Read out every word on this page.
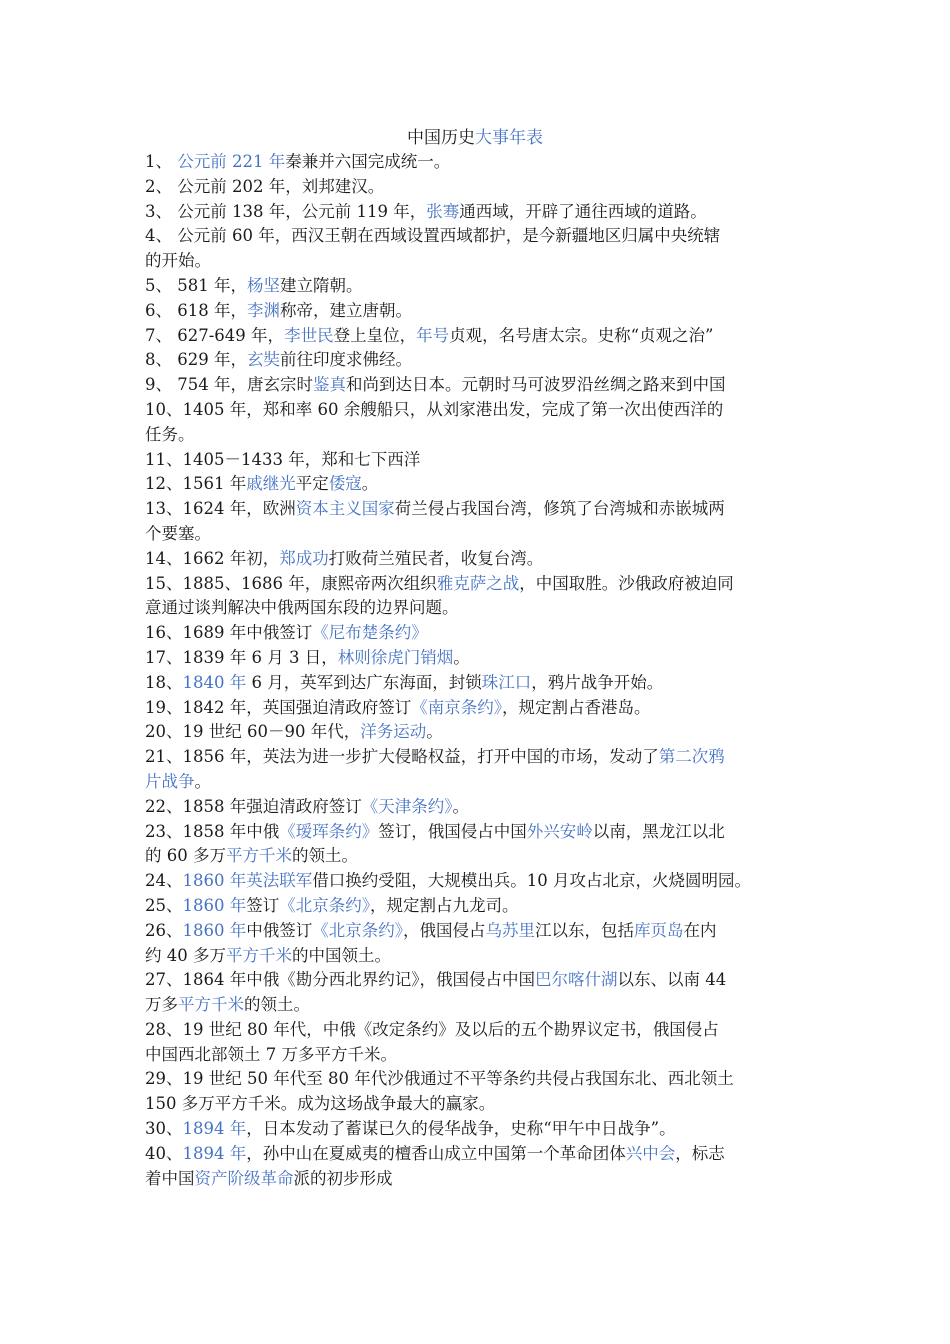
中国历史大事年表
1、 公元前 221 年秦兼并六国完成统一。
2、 公元前 202 年，刘邦建汉。
3、 公元前 138 年，公元前 119 年，张骞通西域，开辟了通往西域的道路。
4、 公元前 60 年，西汉王朝在西域设置西域都护，是今新疆地区归属中央统辖
的开始。
5、 581 年，杨坚建立隋朝。
6、 618 年，李渊称帝，建立唐朝。
7、 627-649 年，李世民登上皇位，年号贞观，名号唐太宗。史称“贞观之治”
8、 629 年，玄奘前往印度求佛经。
9、 754 年，唐玄宗时鉴真和尚到达日本。元朝时马可波罗沿丝绸之路来到中国
10、1405 年，郑和率 60 余艘船只，从刘家港出发，完成了第一次出使西洋的
任务。
11、1405－1433 年，郑和七下西洋
12、1561 年戚继光平定倭寇。
13、1624 年，欧洲资本主义国家荷兰侵占我国台湾，修筑了台湾城和赤嵌城两
个要塞。
14、1662 年初，郑成功打败荷兰殖民者，收复台湾。
15、1885、1686 年，康熙帝两次组织雅克萨之战，中国取胜。沙俄政府被迫同
意通过谈判解决中俄两国东段的边界问题。
16、1689 年中俄签订《尼布楚条约》
17、1839 年 6 月 3 日，林则徐虎门销烟。
18、1840 年 6 月，英军到达广东海面，封锁珠江口，鸦片战争开始。
19、1842 年，英国强迫清政府签订《南京条约》，规定割占香港岛。
20、19 世纪 60－90 年代，洋务运动。
21、1856 年，英法为进一步扩大侵略权益，打开中国的市场，发动了第二次鸦
片战争。
22、1858 年强迫清政府签订《天津条约》。
23、1858 年中俄《瑷珲条约》签订，俄国侵占中国外兴安岭以南，黑龙江以北
的 60 多万平方千米的领土。
24、1860 年英法联军借口换约受阻，大规模出兵。10 月攻占北京，火烧圆明园。
25、1860 年签订《北京条约》，规定割占九龙司。
26、1860 年中俄签订《北京条约》，俄国侵占乌苏里江以东，包括库页岛在内
约 40 多万平方千米的中国领土。
27、1864 年中俄《勘分西北界约记》，俄国侵占中国巴尔喀什湖以东、以南 44
万多平方千米的领土。
28、19 世纪 80 年代，中俄《改定条约》及以后的五个勘界议定书，俄国侵占
中国西北部领土 7 万多平方千米。
29、19 世纪 50 年代至 80 年代沙俄通过不平等条约共侵占我国东北、西北领土
150 多万平方千米。成为这场战争最大的赢家。
30、1894 年，日本发动了蓄谋已久的侵华战争，史称“甲午中日战争”。
40、1894 年，孙中山在夏威夷的檀香山成立中国第一个革命团体兴中会，标志
着中国资产阶级革命派的初步形成
